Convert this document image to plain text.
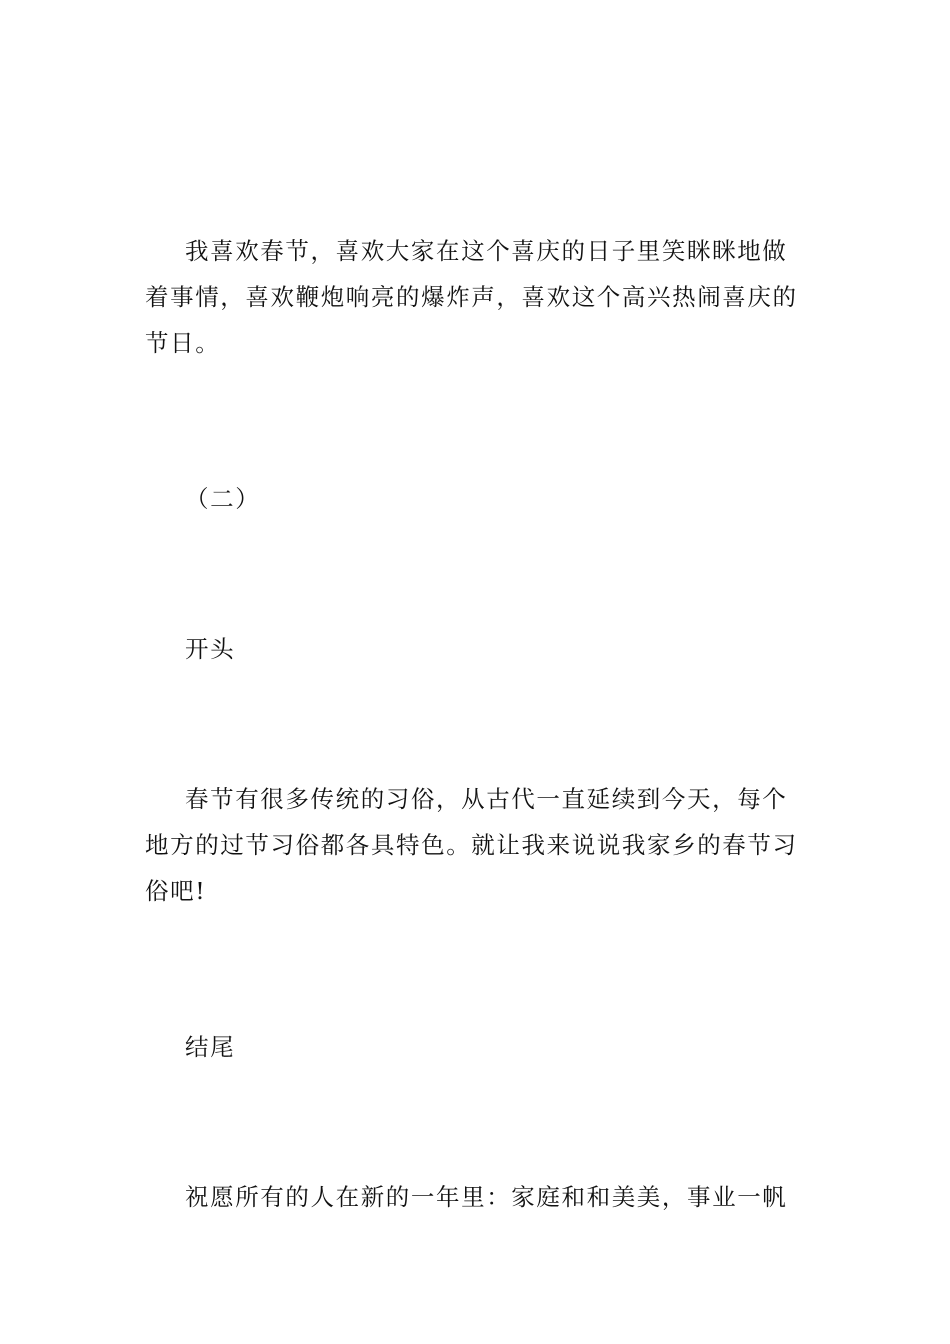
我喜欢春节，喜欢大家在这个喜庆的日子里笑眯眯地做着事情，喜欢鞭炮响亮的爆炸声，喜欢这个高兴热闹喜庆的节日。

（二）

开头

春节有很多传统的习俗，从古代一直延续到今天，每个地方的过节习俗都各具特色。就让我来说说我家乡的春节习俗吧!

结尾

祝愿所有的人在新的一年里：家庭和和美美，事业一帆
